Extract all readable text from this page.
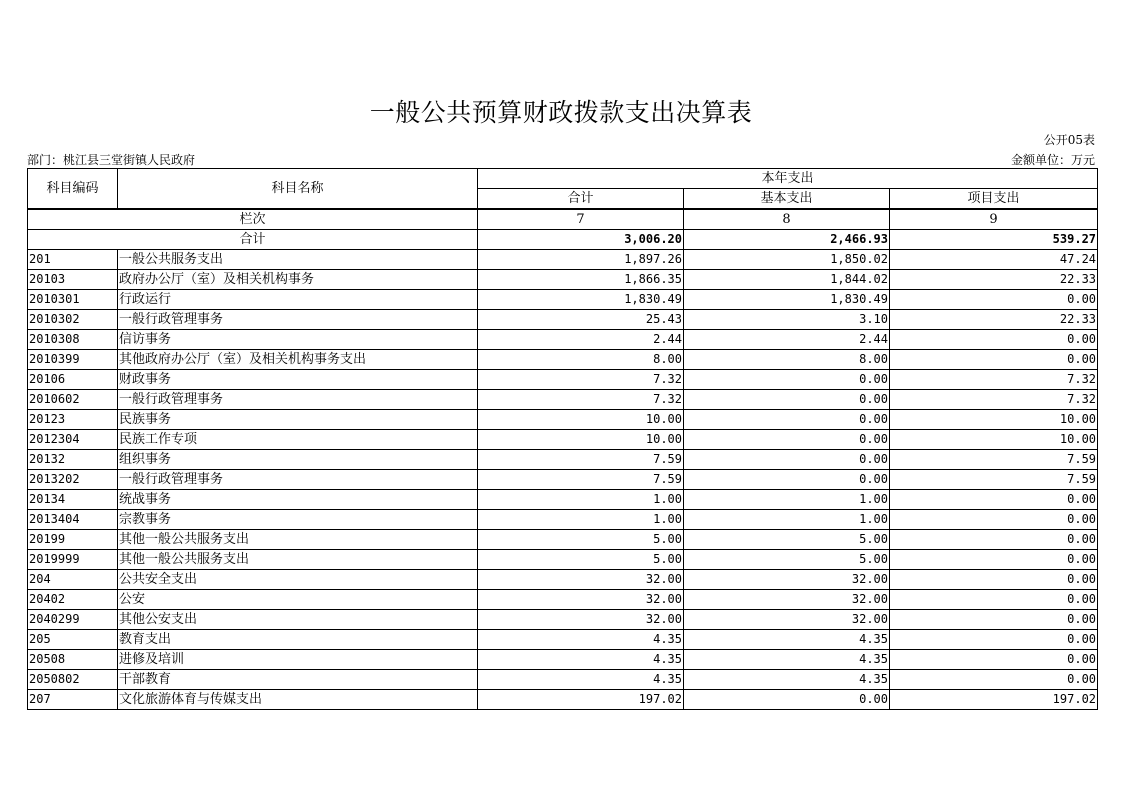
一般公共预算财政拨款支出决算表
公开05表
部门：桃江县三堂街镇人民政府	金额单位：万元
科目编码	科目名称	本年支出		
		合计	基本支出	项目支出
栏次		7	8	9
合计		3,006.20	2,466.93	539.27
201	一般公共服务支出	1,897.26	1,850.02	47.24
20103	政府办公厅（室）及相关机构事务	1,866.35	1,844.02	22.33
2010301	行政运行	1,830.49	1,830.49	0.00
2010302	一般行政管理事务	25.43	3.10	22.33
2010308	信访事务	2.44	2.44	0.00
2010399	其他政府办公厅（室）及相关机构事务支出	8.00	8.00	0.00
20106	财政事务	7.32	0.00	7.32
2010602	一般行政管理事务	7.32	0.00	7.32
20123	民族事务	10.00	0.00	10.00
2012304	民族工作专项	10.00	0.00	10.00
20132	组织事务	7.59	0.00	7.59
2013202	一般行政管理事务	7.59	0.00	7.59
20134	统战事务	1.00	1.00	0.00
2013404	宗教事务	1.00	1.00	0.00
20199	其他一般公共服务支出	5.00	5.00	0.00
2019999	其他一般公共服务支出	5.00	5.00	0.00
204	公共安全支出	32.00	32.00	0.00
20402	公安	32.00	32.00	0.00
2040299	其他公安支出	32.00	32.00	0.00
205	教育支出	4.35	4.35	0.00
20508	进修及培训	4.35	4.35	0.00
2050802	干部教育	4.35	4.35	0.00
207	文化旅游体育与传媒支出	197.02	0.00	197.02
